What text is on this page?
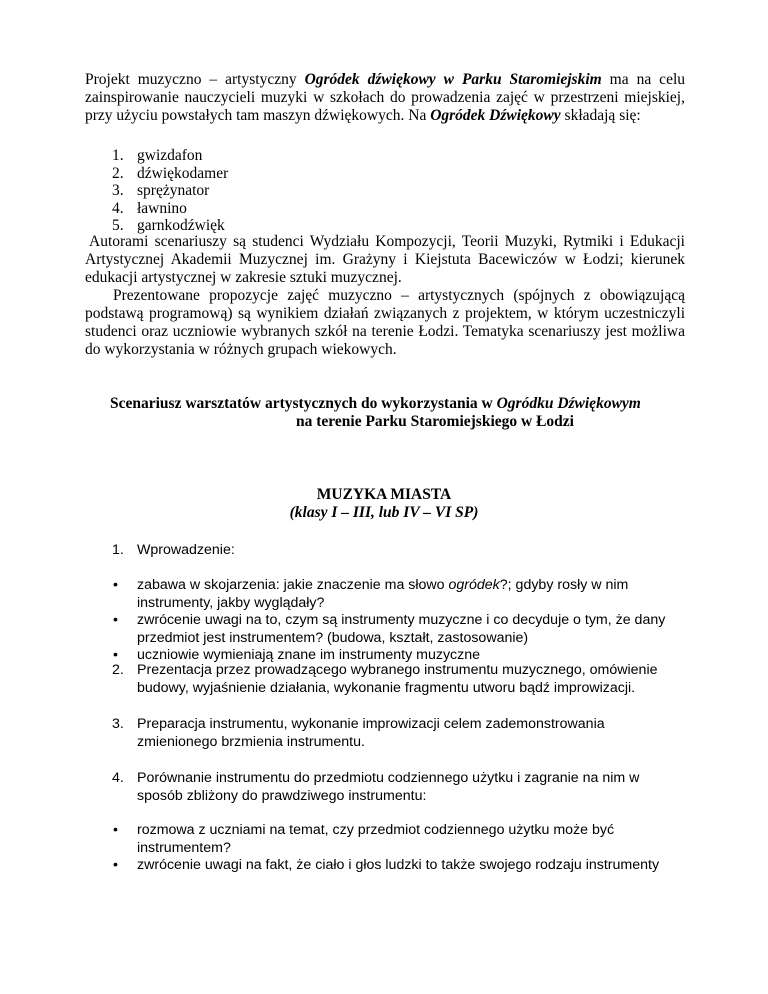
Projekt muzyczno – artystyczny Ogródek dźwiękowy w Parku Staromiejskim ma na celu zainspirowanie nauczycieli muzyki w szkołach do prowadzenia zajęć w przestrzeni miejskiej, przy użyciu powstałych tam maszyn dźwiękowych. Na Ogródek Dźwiękowy składają się:

1. gwizdafon
2. dźwiękodamer
3. sprężynator
4. ławnino
5. garnkodźwięk
Autorami scenariuszy są studenci Wydziału Kompozycji, Teorii Muzyki, Rytmiki i Edukacji Artystycznej Akademii Muzycznej im. Grażyny i Kiejstuta Bacewiczów w Łodzi; kierunek edukacji artystycznej w zakresie sztuki muzycznej.
Prezentowane propozycje zajęć muzyczno – artystycznych (spójnych z obowiązującą podstawą programową) są wynikiem działań związanych z projektem, w którym uczestniczyli studenci oraz uczniowie wybranych szkół na terenie Łodzi. Tematyka scenariuszy jest możliwa do wykorzystania w różnych grupach wiekowych.
Scenariusz warsztatów artystycznych do wykorzystania w Ogródku Dźwiękowym
na terenie Parku Staromiejskiego w Łodzi
MUZYKA MIASTA
(klasy I – III, lub IV – VI SP)
1. Wprowadzenie:
• zabawa w skojarzenia: jakie znaczenie ma słowo ogródek?; gdyby rosły w nim instrumenty, jakby wyglądały?
• zwrócenie uwagi na to, czym są instrumenty muzyczne i co decyduje o tym, że dany przedmiot jest instrumentem? (budowa, kształt, zastosowanie)
• uczniowie wymieniają znane im instrumenty muzyczne
2. Prezentacja przez prowadzącego wybranego instrumentu muzycznego, omówienie budowy, wyjaśnienie działania, wykonanie fragmentu utworu bądź improwizacji.
3. Preparacja instrumentu, wykonanie improwizacji celem zademonstrowania zmienionego brzmienia instrumentu.
4. Porównanie instrumentu do przedmiotu codziennego użytku i zagranie na nim w sposób zbliżony do prawdziwego instrumentu:
• rozmowa z uczniami na temat, czy przedmiot codziennego użytku może być instrumentem?
• zwrócenie uwagi na fakt, że ciało i głos ludzki to także swojego rodzaju instrumenty
